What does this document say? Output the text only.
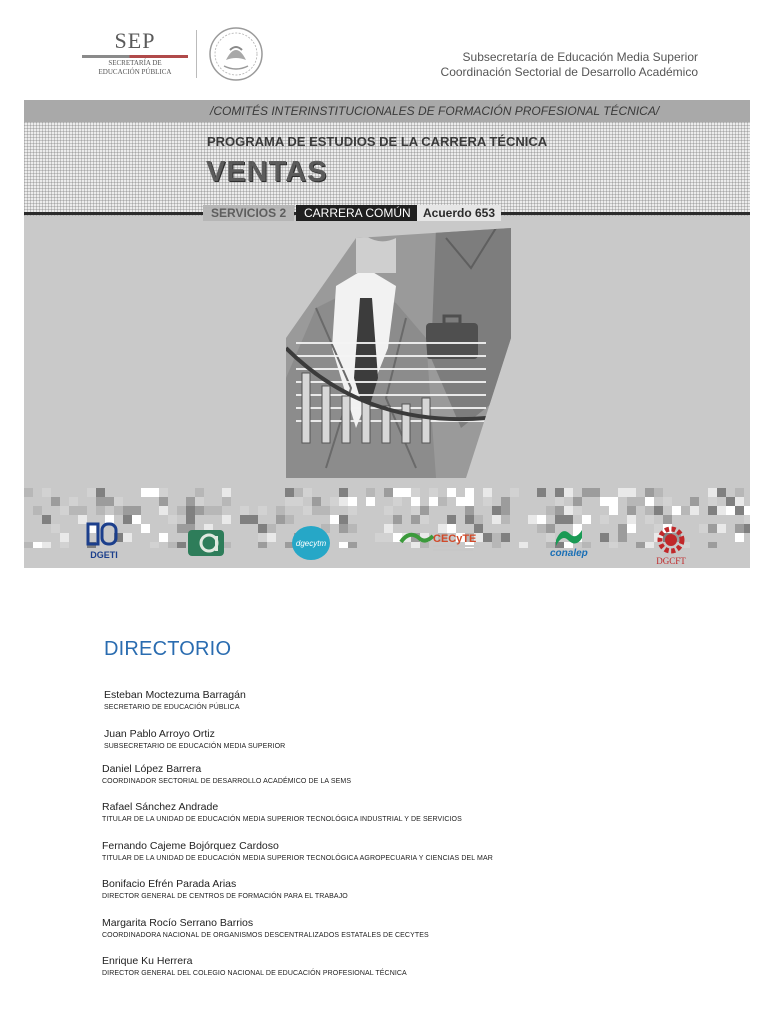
SEP
SECRETARÍA DE
EDUCACIÓN PÚBLICA
Subsecretaría de Educación Media Superior
Coordinación Sectorial de Desarrollo Académico
/COMITÉS INTERINSTITUCIONALES DE FORMACIÓN PROFESIONAL TÉCNICA/
PROGRAMA DE ESTUDIOS DE LA CARRERA TÉCNICA
VENTAS
SERVICIOS 2	CARRERA COMÚN	Acuerdo 653
DGETI
dgecytm	CECyTE
conalep
DGCFT
DIRECTORIO
Esteban Moctezuma Barragán
SECRETARIO DE EDUCACIÓN PÚBLICA
Juan Pablo Arroyo Ortiz
SUBSECRETARIO DE EDUCACIÓN MEDIA SUPERIOR
Daniel López Barrera
COORDINADOR SECTORIAL DE DESARROLLO ACADÉMICO DE LA SEMS
Rafael Sánchez Andrade
TITULAR DE LA UNIDAD DE EDUCACIÓN MEDIA SUPERIOR TECNOLÓGICA INDUSTRIAL Y DE SERVICIOS
Fernando Cajeme Bojórquez Cardoso
TITULAR DE LA UNIDAD DE EDUCACIÓN MEDIA SUPERIOR TECNOLÓGICA AGROPECUARIA Y CIENCIAS DEL MAR
Bonifacio Efrén Parada Arias
DIRECTOR GENERAL DE CENTROS DE FORMACIÓN PARA EL TRABAJO
Margarita Rocío Serrano Barrios
COORDINADORA NACIONAL DE ORGANISMOS DESCENTRALIZADOS ESTATALES DE CECYTES
Enrique Ku Herrera
DIRECTOR GENERAL DEL COLEGIO NACIONAL DE EDUCACIÓN PROFESIONAL TÉCNICA
